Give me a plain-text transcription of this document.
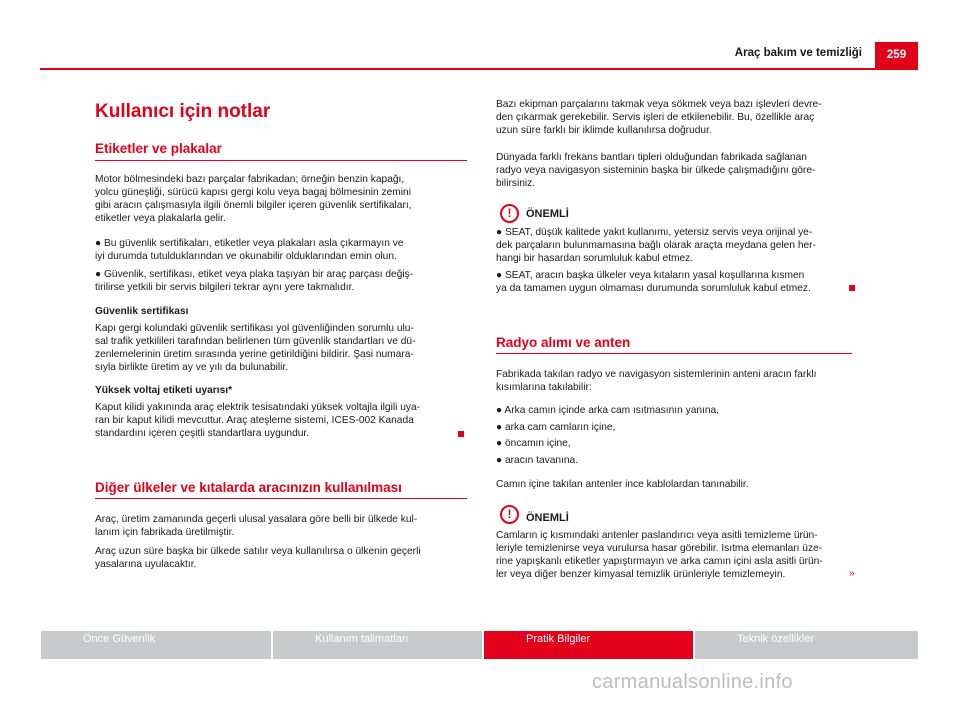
Araç bakım ve temizliği	259
Kullanıcı için notlar
Etiketler ve plakalar

Motor bölmesindeki bazı parçalar fabrikadan; örneğin benzin kapağı,

yolcu güneşliği, sürücü kapısı gergi kolu veya bagaj bölmesinin zemini

gibi aracın çalışmasıyla ilgili önemli bilgiler içeren güvenlik sertifikaları,

etiketler veya plakalarla gelir.

● Bu güvenlik sertifikaları, etiketler veya plakaları asla çıkarmayın ve

iyi durumda tutulduklarından ve okunabilir olduklarından emin olun.

● Güvenlik, sertifikası, etiket veya plaka taşıyan bir araç parçası değiş-

tirilirse yetkili bir servis bilgileri tekrar aynı yere takmalıdır.

Güvenlik sertifikası

Kapı gergi kolundaki güvenlik sertifikası yol güvenliğinden sorumlu ulu-

sal trafik yetkilileri tarafından belirlenen tüm güvenlik standartları ve dü-

zenlemelerinin üretim sırasında yerine getirildiğini bildirir. Şasi numara-

sıyla birlikte üretim ay ve yılı da bulunabilir.

Yüksek voltaj etiketi uyarısı*

Kaput kilidi yakınında araç elektrik tesisatındaki yüksek voltajla ilgili uya-

ran bir kaput kilidi mevcuttur. Araç ateşleme sistemi, ICES-002 Kanada

standardını içeren çeşitli standartlara uygundur.

Diğer ülkeler ve kıtalarda aracınızın kullanılması

Araç, üretim zamanında geçerli ulusal yasalara göre belli bir ülkede kul-

lanım için fabrikada üretilmiştir.

Araç uzun süre başka bir ülkede satılır veya kullanılırsa o ülkenin geçerli

yasalarına uyulacaktır.

Bazı ekipman parçalarını takmak veya sökmek veya bazı işlevleri devre-

den çıkarmak gerekebilir. Servis işleri de etkilenebilir. Bu, özellikle araç

uzun süre farklı bir iklimde kullanılırsa doğrudur.

Dünyada farklı frekans bantları tipleri olduğundan fabrikada sağlanan

radyo veya navigasyon sisteminin başka bir ülkede çalışmadığını göre-

bilirsiniz.

!	ÖNEMLİ

● SEAT, düşük kalitede yakıt kullanımı, yetersiz servis veya orijinal ye-

dek parçaların bulunmamasına bağlı olarak araçta meydana gelen her-

hangi bir hasardan sorumluluk kabul etmez.

● SEAT, aracın başka ülkeler veya kıtaların yasal koşullarına kısmen

ya da tamamen uygun olmaması durumunda sorumluluk kabul etmez.

Radyo alımı ve anten

Fabrikada takılan radyo ve navigasyon sistemlerinin anteni aracın farklı

kısımlarına takılabilir:

● Arka camın içinde arka cam ısıtmasının yanına,
● arka cam camların içine,
● öncamın içine,
● aracın tavanına.
Camın içine takılan antenler ince kablolardan tanınabilir.
!	ÖNEMLİ

Camların iç kısmındaki antenler paslandırıcı veya asitli temizleme ürün-

leriyle temizlenirse veya vurulursa hasar görebilir. Isıtma elemanları üze-

rine yapışkanlı etiketler yapıştırmayın ve arka camın içini asla asitli ürün-

ler veya diğer benzer kimyasal temizlik ürünleriyle temizlemeyin.	»
Önce Güvenlik	Kullanım talimatları	Pratik Bilgiler	Teknik özellikler
carmanualsonline.info
